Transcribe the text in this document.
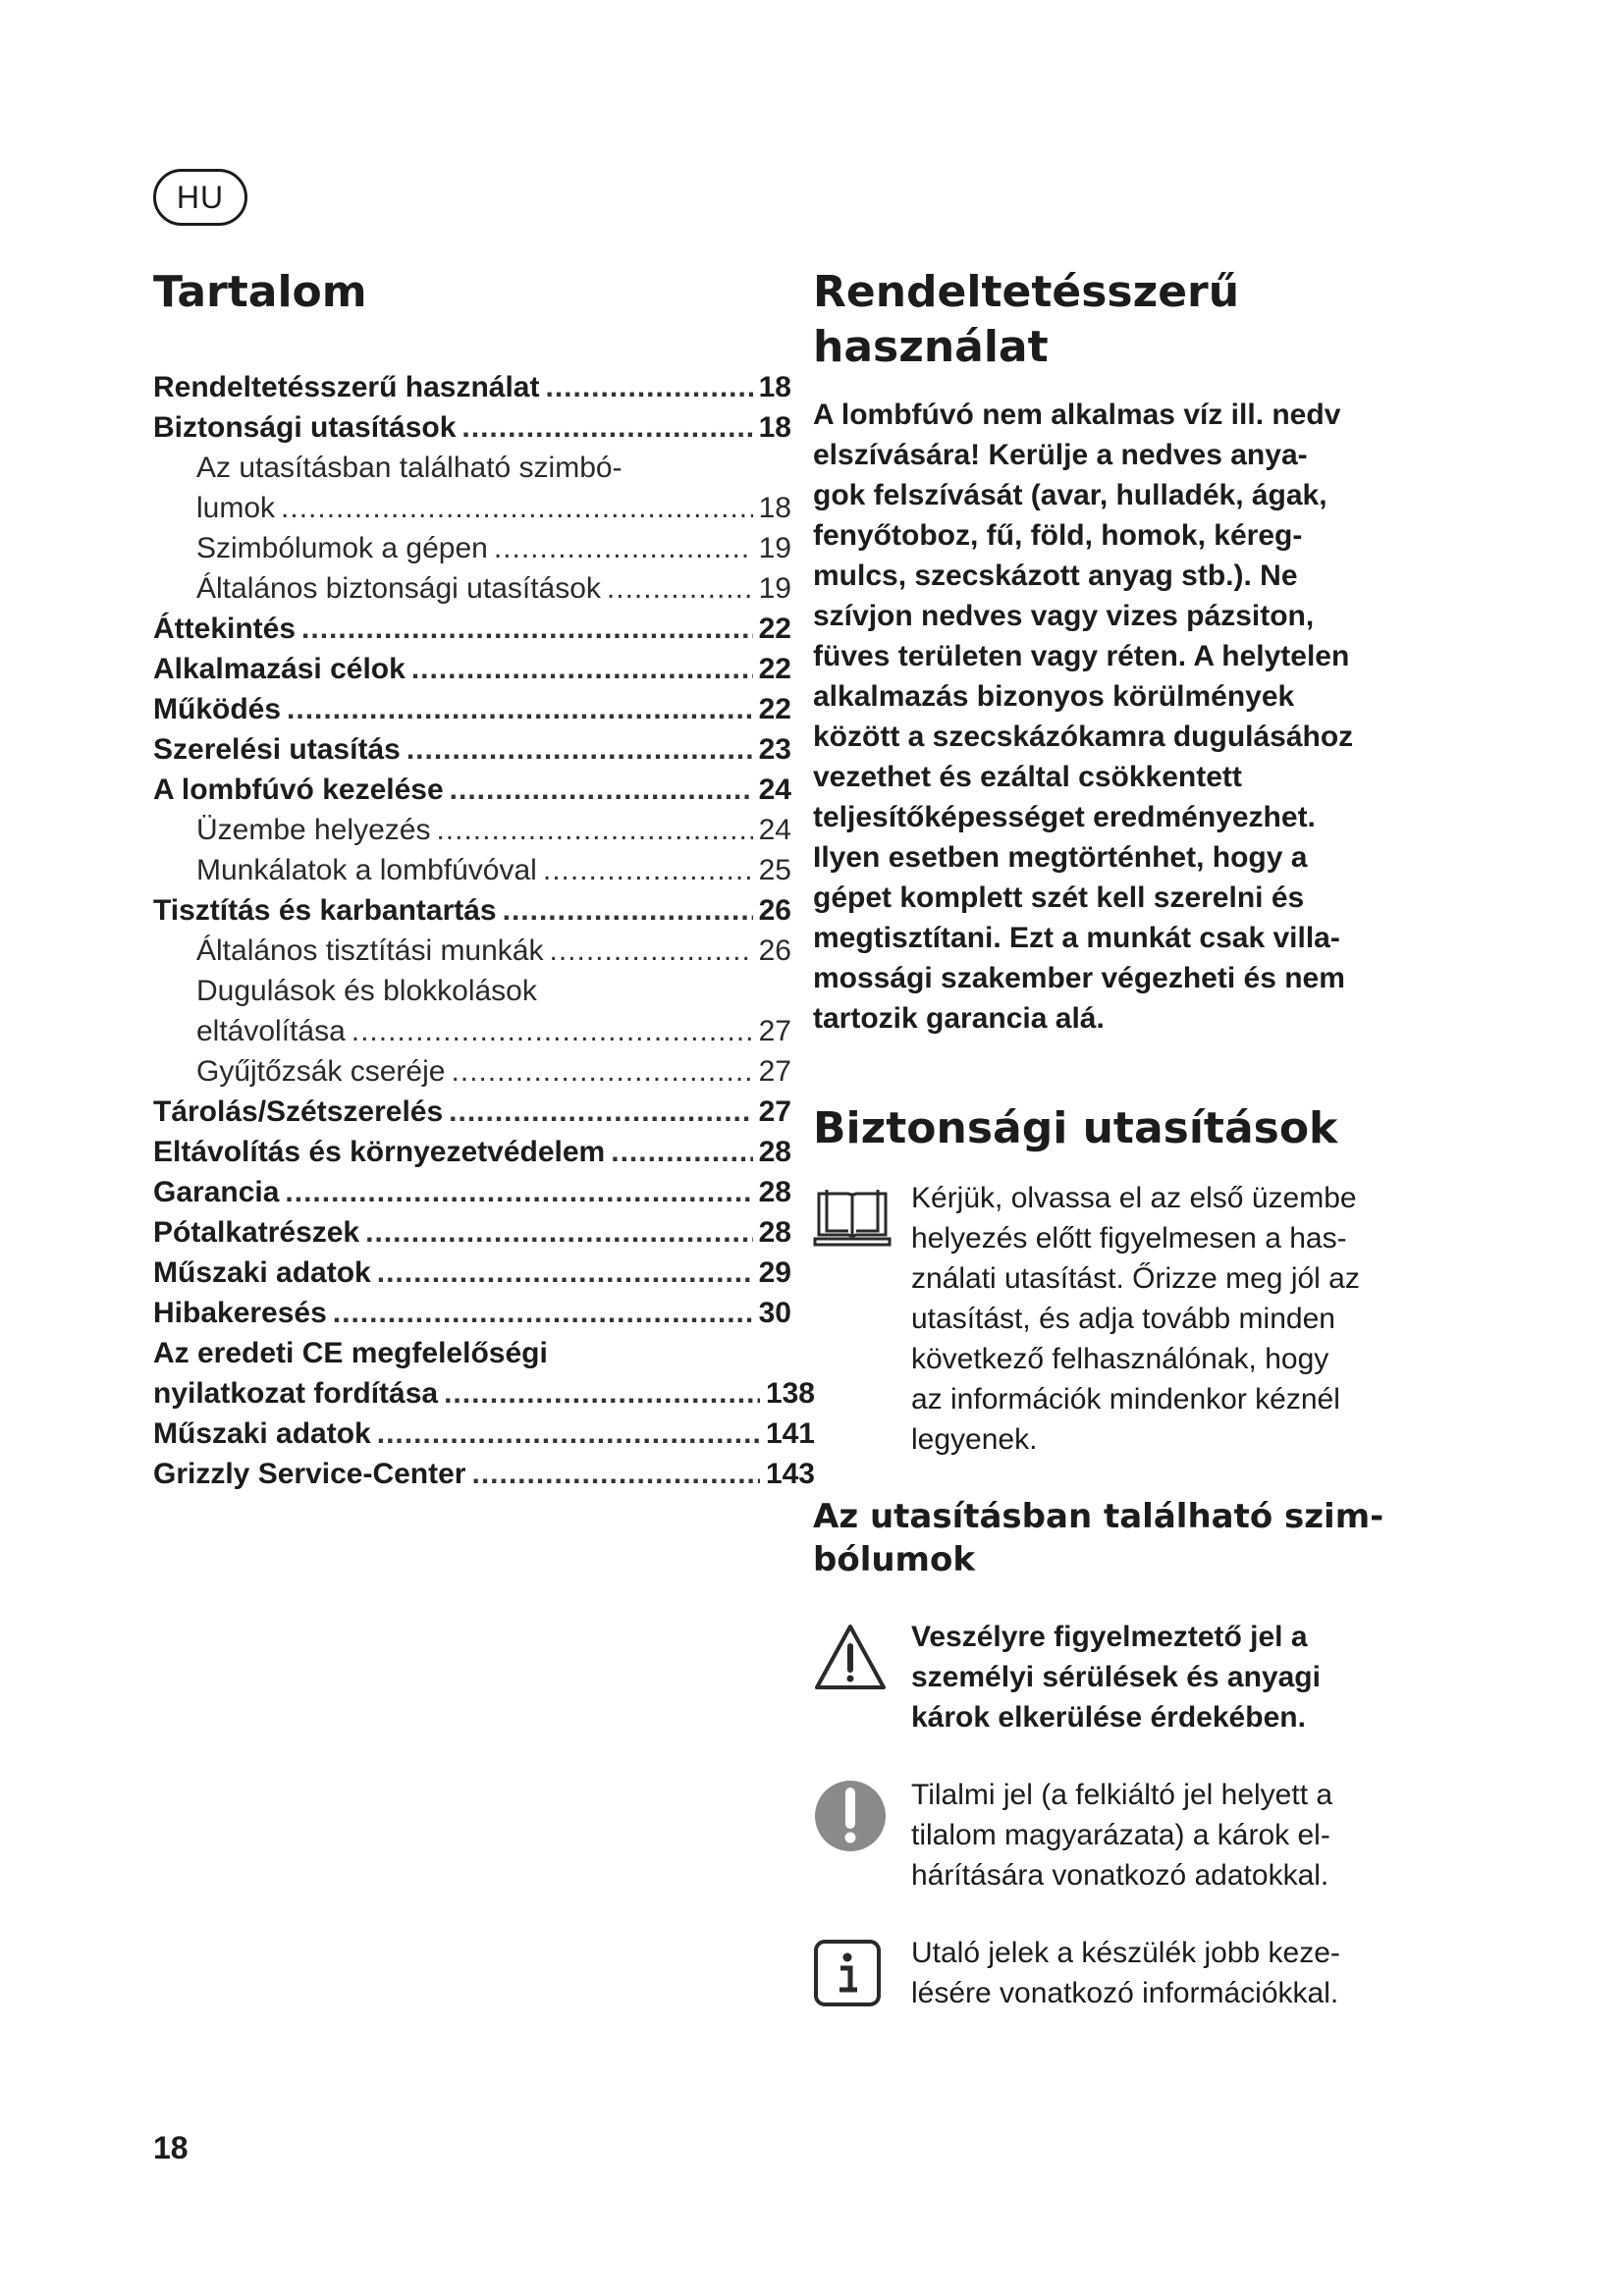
HU
Tartalom
Rendeltetésszerű használat .....	18
Biztonsági utasítások .....	18
Az utasításban található szimbó-
lumok .....	18
Szimbólumok a gépen .....	19
Általános biztonsági utasítások .....	19
Áttekintés .....	22
Alkalmazási célok .....	22
Működés .....	22
Szerelési utasítás .....	23
A lombfúvó kezelése .....	24
Üzembe helyezés .....	24
Munkálatok a lombfúvóval .....	25
Tisztítás és karbantartás .....	26
Általános tisztítási munkák .....	26
Dugulások és blokkolások
eltávolítása .....	27
Gyűjtőzsák cseréje .....	27
Tárolás/Szétszerelés .....	27
Eltávolítás és környezetvédelem .....	28
Garancia .....	28
Pótalkatrészek .....	28
Műszaki adatok .....	29
Hibakeresés .....	30
Az eredeti CE megfelelőségi
nyilatkozat fordítása .....	138
Műszaki adatok .....	141
Grizzly Service-Center .....	143
Rendeltetésszerű
használat
A lombfúvó nem alkalmas víz ill. nedv
elszívására! Kerülje a nedves anya-
gok felszívását (avar, hulladék, ágak,
fenyőtoboz, fű, föld, homok, kéreg-
mulcs, szecskázott anyag stb.). Ne
szívjon nedves vagy vizes pázsiton,
füves területen vagy réten. A helytelen
alkalmazás bizonyos körülmények
között a szecskázókamra dugulásához
vezethet és ezáltal csökkentett
teljesítőképességet eredményezhet.
Ilyen esetben megtörténhet, hogy a
gépet komplett szét kell szerelni és
megtisztítani. Ezt a munkát csak villa-
mossági szakember végezheti és nem
tartozik garancia alá.
Biztonsági utasítások
Kérjük, olvassa el az első üzembe
helyezés előtt figyelmesen a has-
ználati utasítást. Őrizze meg jól az
utasítást, és adja tovább minden
következő felhasználónak, hogy
az információk mindenkor kéznél
legyenek.
Az utasításban található szim-
bólumok
Veszélyre figyelmeztető jel a
személyi sérülések és anyagi
károk elkerülése érdekében.
Tilalmi jel (a felkiáltó jel helyett a
tilalom magyarázata) a károk el-
hárítására vonatkozó adatokkal.
Utaló jelek a készülék jobb keze-
lésére vonatkozó információkkal.
18
